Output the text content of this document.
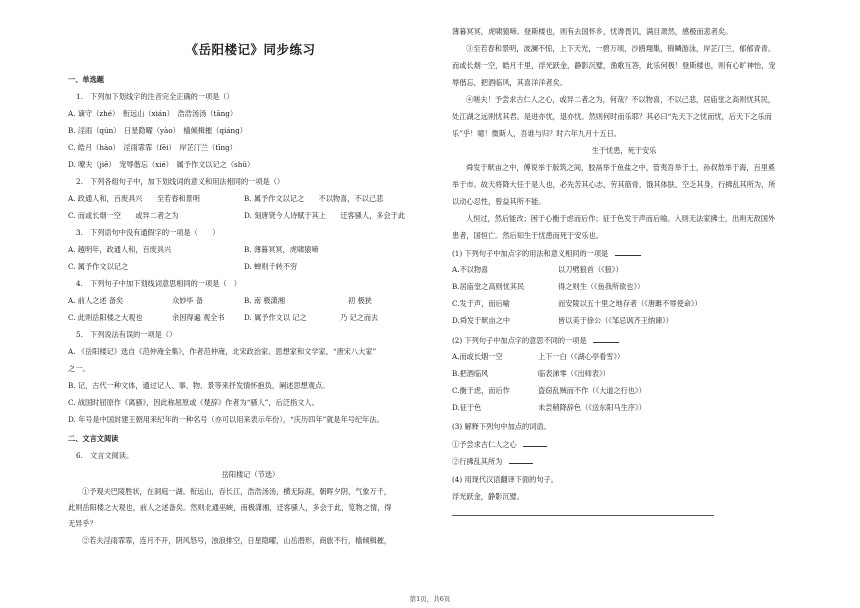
《岳阳楼记》同步练习
一、单选题
1.　下列加下划线字的注音完全正确的一项是（）
A. 谪守（zhé）　衔远山（xián）　浩浩汤汤（tāng）
B. 淫雨（qún）　日星隐曜（yào）　樯倾楫摧（qiáng）
C. 皓月（hào）　淫雨霏霏（fēi）　岸芷汀兰（tīng）
D. 嘹夫（jiē）　宠辱偕忘（xié）　属予作文以记之（shǔ）
2.　下列各组句子中，加下划线词的意义和用法相同的一项是（）
A. 政通人和，百废具兴　　至若春和景明	B. 属予作文以记之　　不以物喜，不以己悲
C. 而或长烟一空　　或异二者之为	D. 刻唐贤今人诗赋于其上　　迁客骚人，多会于此
3.　下列语句中没有通假字的一项是（　　）
A. 越明年，政通人和，百废具兴	B. 薄暮冥冥，虎啸猿啼
C. 属予作文以记之	D. 蝉则千转不穷
4.　下列句子中加下划线词意思相同的一项是（　）
A. 前人之述 备矣	众妙毕 备	B. 南 极潇湘	初 极狭
C. 此则岳阳楼之大观也	余因得遍 观全书	D. 属予作文以 记之	乃 记之而去
5.　下列说法有误的一项是（）
A. 《岳阳楼记》选自《范仲淹全集》，作者范仲淹，北宋政治家、思想家和文学家，“唐宋八大家”
之一。
B. 记，古代一种文体，通过记人、事、物、景等来抒发情怀抱负，阐述思想观点。
C. 战国时屈原作《离骚》，因此称屈原或《楚辞》作者为“骚人”，后泛指文人。
D. 年号是中国封建王朝用来纪年的一种名号（亦可以用来表示年份），“庆历四年”就是年号纪年法。
二、文言文阅读
6.　文言文阅读。
岳阳楼记（节选）
①予观夫巴陵胜状，在洞庭一湖。衔远山，吞长江，浩浩汤汤，横无际涯，朝晖夕阴，气象万千，
此则岳阳楼之大观也，前人之述备矣。然则北通巫峡，南极潇湘，迁客骚人，多会于此，览物之情，得
无异乎？
②若夫淫雨霏霏，连月不开，阴风怒号，浊浪排空，日星隐曜，山岳潜形，商旅不行，樯倾楫摧，
薄暮冥冥，虎啸猿啼。登斯楼也，则有去国怀乡，忧谗畏讥，满目萧然，感极而悲者矣。
③至若春和景明，波澜不惊，上下天光，一碧万顷，沙鸥翔集，锦鳞游泳，岸芷汀兰，郁郁青青。
而或长烟一空，皓月千里，浮光跃金，静影沉璧，渔歌互答，此乐何极！登斯楼也，则有心旷神怡，宠
辱偕忘，把酒临风，其喜洋洋者矣。
④嗟夫！予尝求古仁人之心，或异二者之为，何哉？不以物喜，不以己悲，居庙堂之高则忧其民，
处江湖之远则忧其君。是进亦忧，退亦忧。然则何时而乐耶？其必曰“先天下之忧而忧，后天下之乐而
乐”乎！噫！微斯人，吾谁与归？时六年九月十五日。
生于忧患，死于安乐
舜发于畎亩之中，傅说举于版筑之间，胶鬲举于鱼盐之中，管夷吾举于士，孙叔敖举于海，百里奚
举于市。故天将降大任于是人也，必先苦其心志，劳其筋骨，饿其体肤，空乏其身，行拂乱其所为，所
以动心忍性，曾益其所不能。
人恒过，然后能改；困于心衡于虑而后作；征于色发于声而后喻。入则无法家拂士，出则无敌国外
患者，国恒亡。然后知生于忧患而死于安乐也。
(1) 下列句子中加点字的用法和意义相同的一项是
A.不以物喜	以刀劈狼首（《狼》）
B.居庙堂之高则忧其民	得之则生（《鱼我所欲也》）
C.发于声，而后喻	而安陵以五十里之地存者（《唐雎不辱使命》）
D.舜发于畎亩之中	皆以美于徐公（《邹忌讽齐王纳谏》）
(2) 下列句子中加点字的意思不同的一项是
A.而或长烟一空	上下一白（《湖心亭看雪》）
B.把酒临风	临表涕零（《出师表》）
C.衡于虑，而后作	盗窃乱贼而不作（《大道之行也》）
D.征于色	未尝稍降辞色（《送东阳马生序》）
(3) 解释下列句中加点的词语。
①予尝求古仁人之心
②行拂乱其所为
(4) 用现代汉语翻译下面的句子。
浮光跃金，静影沉璧。
第1页，共6页
